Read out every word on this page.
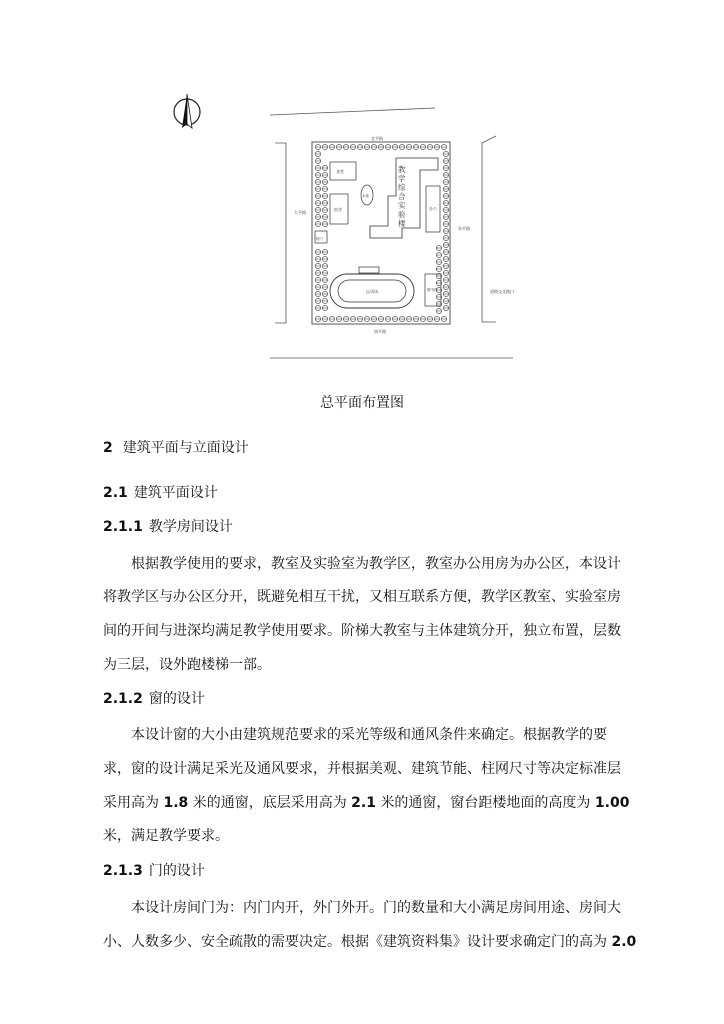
北平路
南平路
大平路
东平路
道路交叉路口
食堂
宿舍
水池
办公
校门
图书馆
运动场
教
学
综
合
实
验
楼
总平面布置图
2 建筑平面与立面设计
2.1 建筑平面设计
2.1.1 教学房间设计
根据教学使用的要求，教室及实验室为教学区，教室办公用房为办公区，本设计
将教学区与办公区分开，既避免相互干扰，又相互联系方便，教学区教室、实验室房
间的开间与进深均满足教学使用要求。阶梯大教室与主体建筑分开，独立布置，层数
为三层，设外跑楼梯一部。
2.1.2 窗的设计
本设计窗的大小由建筑规范要求的采光等级和通风条件来确定。根据教学的要
求，窗的设计满足采光及通风要求，并根据美观、建筑节能、柱网尺寸等决定标准层
采用高为 1.8 米的通窗，底层采用高为 2.1 米的通窗，窗台距楼地面的高度为 1.00
米，满足教学要求。
2.1.3 门的设计
本设计房间门为：内门内开，外门外开。门的数量和大小满足房间用途、房间大
小、人数多少、安全疏散的需要决定。根据《建筑资料集》设计要求确定门的高为 2.0
